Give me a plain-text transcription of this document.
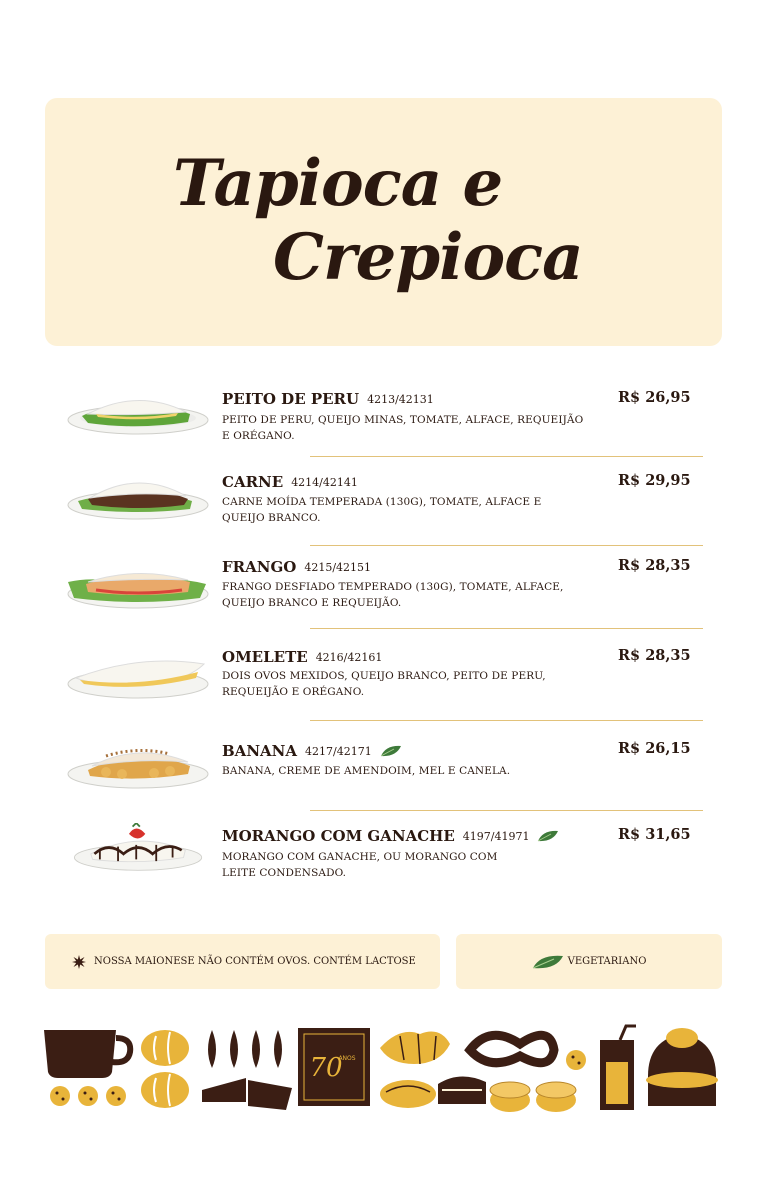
Tapioca e
Crepioca
PEITO DE PERU 4213/42131
PEITO DE PERU, QUEIJO MINAS, TOMATE, ALFACE, REQUEIJÃO E ORÉGANO.
R$ 26,95
CARNE 4214/42141
CARNE MOÍDA TEMPERADA (130G), TOMATE, ALFACE E QUEIJO BRANCO.
R$ 29,95
FRANGO 4215/42151
FRANGO DESFIADO TEMPERADO (130G), TOMATE, ALFACE, QUEIJO BRANCO E REQUEIJÃO.
R$ 28,35
OMELETE 4216/42161
DOIS OVOS MEXIDOS, QUEIJO BRANCO, PEITO DE PERU, REQUEIJÃO E ORÉGANO.
R$ 28,35
BANANA 4217/42171
BANANA, CREME DE AMENDOIM, MEL E CANELA.
R$ 26,15
MORANGO COM GANACHE 4197/41971
MORANGO COM GANACHE, OU MORANGO COM LEITE CONDENSADO.
R$ 31,65
NOSSA MAIONESE NÃO CONTÉM OVOS. CONTÉM LACTOSE	VEGETARIANO
70
ANOS
